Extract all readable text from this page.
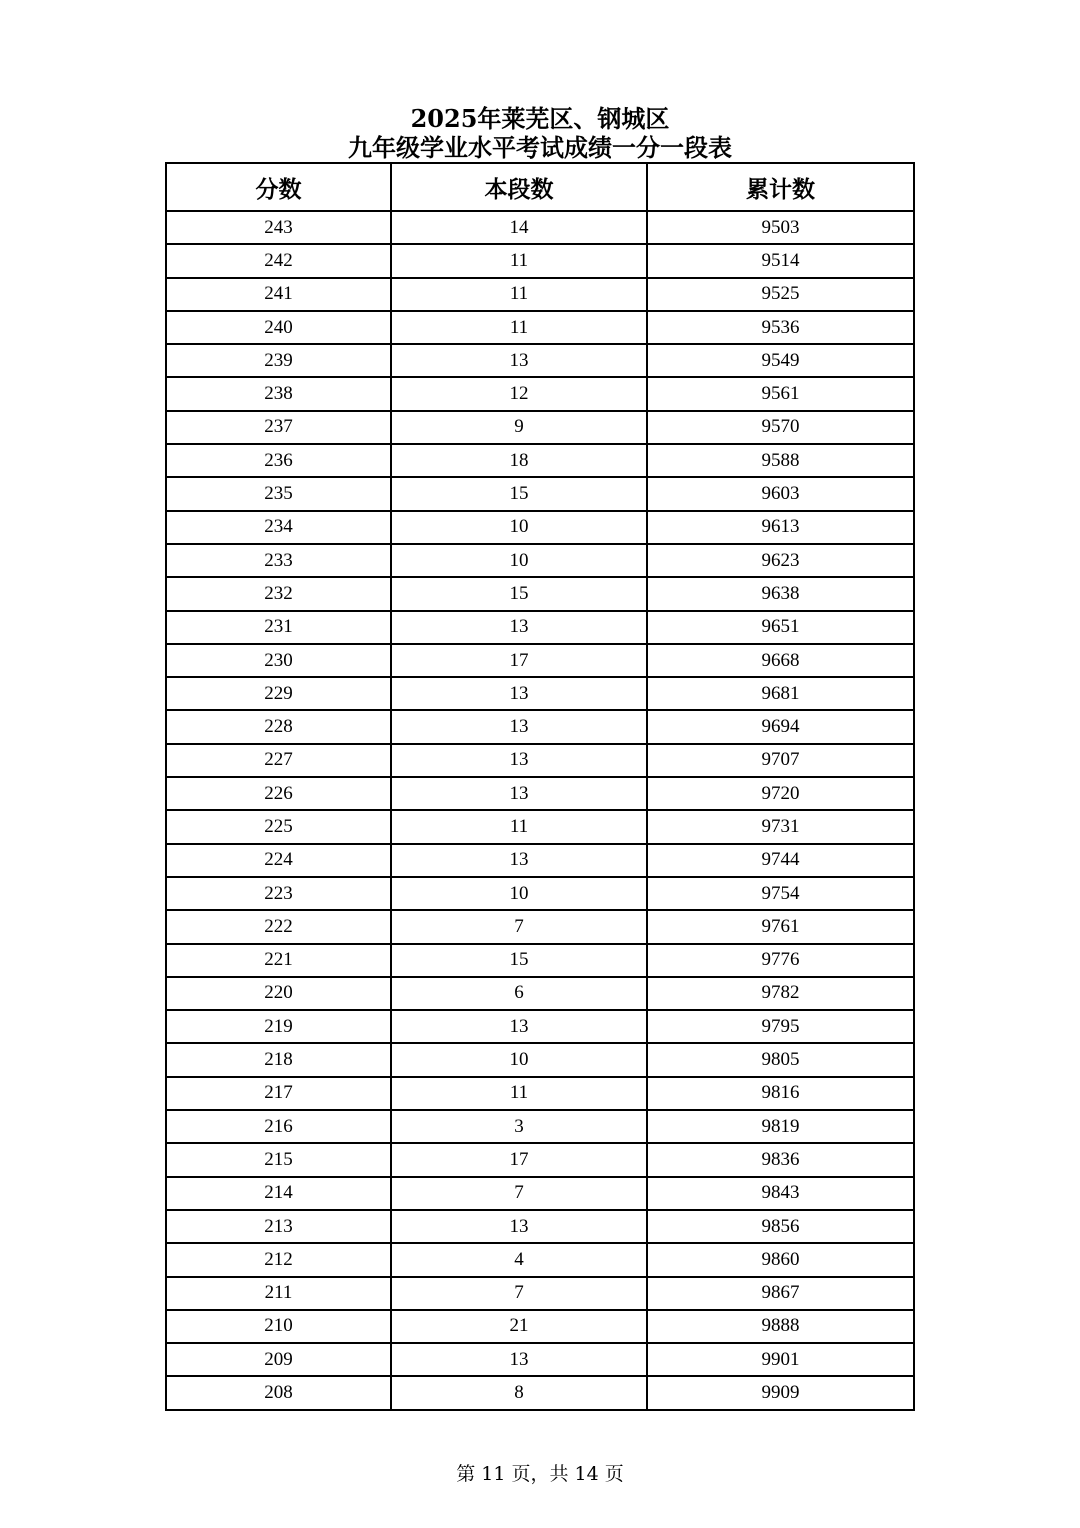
2025年莱芜区、钢城区
九年级学业水平考试成绩一分一段表
分数	本段数	累计数
243	14	9503
242	11	9514
241	11	9525
240	11	9536
239	13	9549
238	12	9561
237	9	9570
236	18	9588
235	15	9603
234	10	9613
233	10	9623
232	15	9638
231	13	9651
230	17	9668
229	13	9681
228	13	9694
227	13	9707
226	13	9720
225	11	9731
224	13	9744
223	10	9754
222	7	9761
221	15	9776
220	6	9782
219	13	9795
218	10	9805
217	11	9816
216	3	9819
215	17	9836
214	7	9843
213	13	9856
212	4	9860
211	7	9867
210	21	9888
209	13	9901
208	8	9909
第 11 页，共 14 页
